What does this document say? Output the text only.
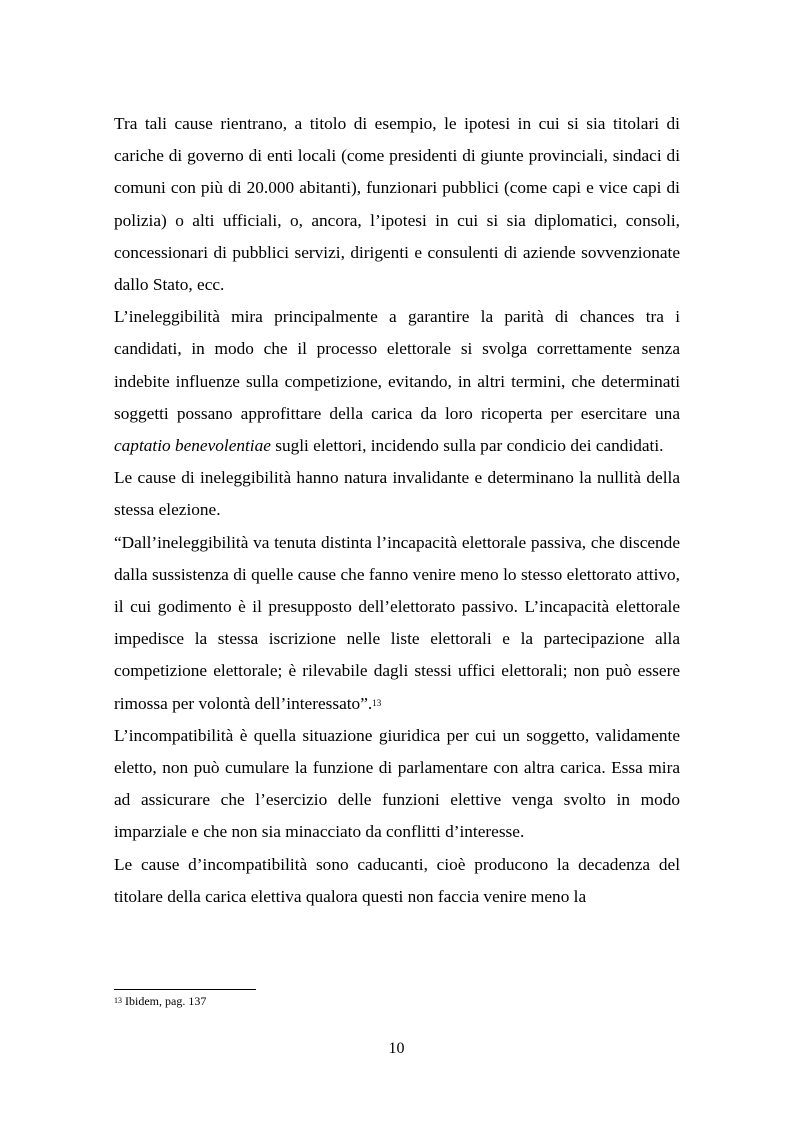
Tra tali cause rientrano, a titolo di esempio, le ipotesi in cui si sia titolari di cariche di governo di enti locali (come presidenti di giunte provinciali, sindaci di comuni con più di 20.000 abitanti), funzionari pubblici (come capi e vice capi di polizia) o alti ufficiali, o, ancora, l’ipotesi in cui si sia diplomatici, consoli, concessionari di pubblici servizi, dirigenti e consulenti di aziende sovvenzionate dallo Stato, ecc.

L’ineleggibilità mira principalmente a garantire la parità di chances tra i candidati, in modo che il processo elettorale si svolga correttamente senza indebite influenze sulla competizione, evitando, in altri termini, che determinati soggetti possano approfittare della carica da loro ricoperta per esercitare una captatio benevolentiae sugli elettori, incidendo sulla par condicio dei candidati.

Le cause di ineleggibilità hanno natura invalidante e determinano la nullità della stessa elezione.

“Dall’ineleggibilità va tenuta distinta l’incapacità elettorale passiva, che discende dalla sussistenza di quelle cause che fanno venire meno lo stesso elettorato attivo, il cui godimento è il presupposto dell’elettorato passivo. L’incapacità elettorale impedisce la stessa iscrizione nelle liste elettorali e la partecipazione alla competizione elettorale; è rilevabile dagli stessi uffici elettorali; non può essere rimossa per volontà dell’interessato”.$^{13}$

L’incompatibilità è quella situazione giuridica per cui un soggetto, validamente eletto, non può cumulare la funzione di parlamentare con altra carica. Essa mira ad assicurare che l’esercizio delle funzioni elettive venga svolto in modo imparziale e che non sia minacciato da conflitti d’interesse.

Le cause d’incompatibilità sono caducanti, cioè producono la decadenza del titolare della carica elettiva qualora questi non faccia venire meno la

$^{13}$ Ibidem, pag. 137
10
